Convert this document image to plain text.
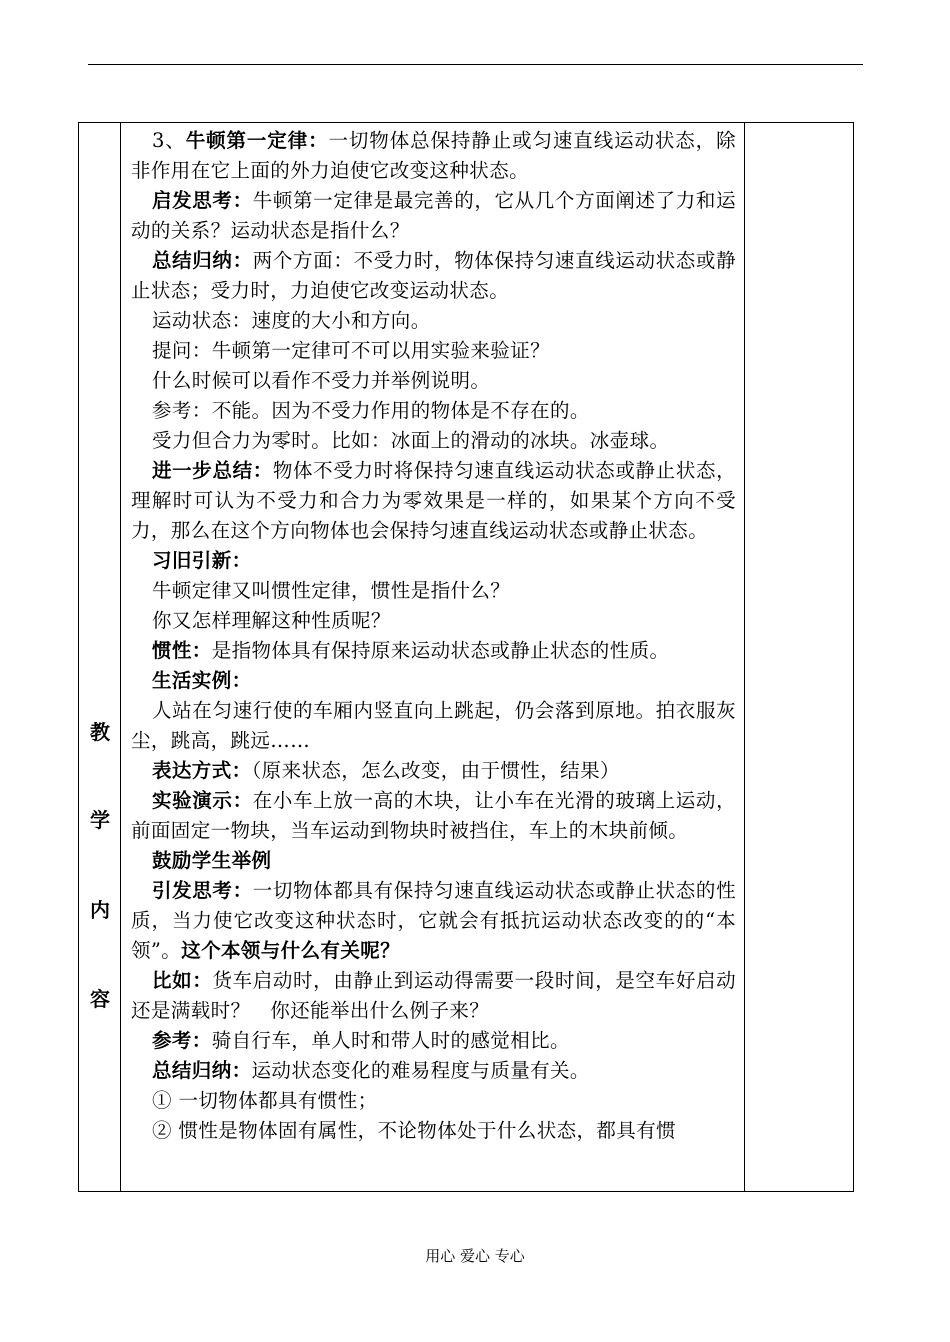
教
学
内
容

3、牛顿第一定律：一切物体总保持静止或匀速直线运动状态，除非作用在它上面的外力迫使它改变这种状态。

启发思考：牛顿第一定律是最完善的，它从几个方面阐述了力和运动的关系？运动状态是指什么？

总结归纳：两个方面：不受力时，物体保持匀速直线运动状态或静止状态；受力时，力迫使它改变运动状态。

运动状态：速度的大小和方向。

提问：牛顿第一定律可不可以用实验来验证？

什么时候可以看作不受力并举例说明。

参考：不能。因为不受力作用的物体是不存在的。

受力但合力为零时。比如：冰面上的滑动的冰块。冰壶球。

进一步总结：物体不受力时将保持匀速直线运动状态或静止状态，理解时可认为不受力和合力为零效果是一样的，如果某个方向不受力，那么在这个方向物体也会保持匀速直线运动状态或静止状态。

习旧引新：

牛顿定律又叫惯性定律，惯性是指什么？

你又怎样理解这种性质呢？

惯性：是指物体具有保持原来运动状态或静止状态的性质。

生活实例：

人站在匀速行使的车厢内竖直向上跳起，仍会落到原地。拍衣服灰尘，跳高，跳远……

表达方式：（原来状态，怎么改变，由于惯性，结果）

实验演示：在小车上放一高的木块，让小车在光滑的玻璃上运动，前面固定一物块，当车运动到物块时被挡住，车上的木块前倾。

鼓励学生举例

引发思考：一切物体都具有保持匀速直线运动状态或静止状态的性质，当力使它改变这种状态时，它就会有抵抗运动状态改变的的“本领”。这个本领与什么有关呢？

比如：货车启动时，由静止到运动得需要一段时间，是空车好启动还是满载时？　你还能举出什么例子来？

参考：骑自行车，单人时和带人时的感觉相比。

总结归纳：运动状态变化的难易程度与质量有关。

① 一切物体都具有惯性；

② 惯性是物体固有属性，不论物体处于什么状态，都具有惯

用心 爱心 专心
